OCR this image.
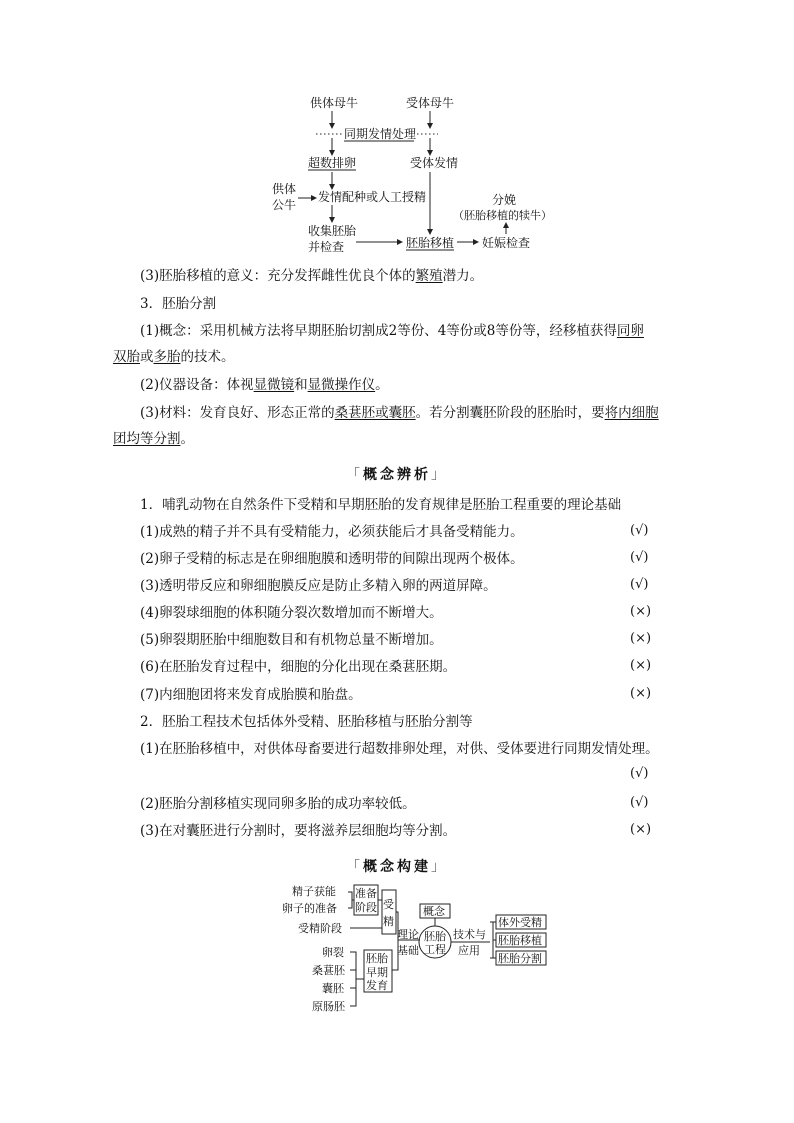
供体母牛	受体母牛
同期发情处理
超数排卵	受体发情
供体
公牛
发情配种或人工授精	分娩
（胚胎移植的犊牛）
收集胚胎
并检查	胚胎移植 妊娠检查
(3)胚胎移植的意义：充分发挥雌性优良个体的繁殖潜力。
3．胚胎分割
(1)概念：采用机械方法将早期胚胎切割成2等份、4等份或8等份等，经移植获得同卵
双胎或多胎的技术。
(2)仪器设备：体视显微镜和显微操作仪。
(3)材料：发育良好、形态正常的桑葚胚或囊胚。若分割囊胚阶段的胚胎时，要将内细胞
团均等分割。
「概念辨析」
1．哺乳动物在自然条件下受精和早期胚胎的发育规律是胚胎工程重要的理论基础
(1)成熟的精子并不具有受精能力，必须获能后才具备受精能力。	(√)
(2)卵子受精的标志是在卵细胞膜和透明带的间隙出现两个极体。	(√)
(3)透明带反应和卵细胞膜反应是防止多精入卵的两道屏障。	(√)
(4)卵裂球细胞的体积随分裂次数增加而不断增大。	(×)
(5)卵裂期胚胎中细胞数目和有机物总量不断增加。	(×)
(6)在胚胎发育过程中，细胞的分化出现在桑葚胚期。	(×)
(7)内细胞团将来发育成胎膜和胎盘。	(×)
2．胚胎工程技术包括体外受精、胚胎移植与胚胎分割等
(1)在胚胎移植中，对供体母畜要进行超数排卵处理，对供、受体要进行同期发情处理。
(√)
(2)胚胎分割移植实现同卵多胎的成功率较低。	(√)
(3)在对囊胚进行分割时，要将滋养层细胞均等分割。	(×)
「概念构建」
精子获能
卵子的准备
准备
阶段 受
精
受精阶段
卵裂
桑葚胚
囊胚
原肠胚
胚胎
早期
发育
理论
基础
概念
胚胎
工程
技术与
应用
体外受精
胚胎移植
胚胎分割
